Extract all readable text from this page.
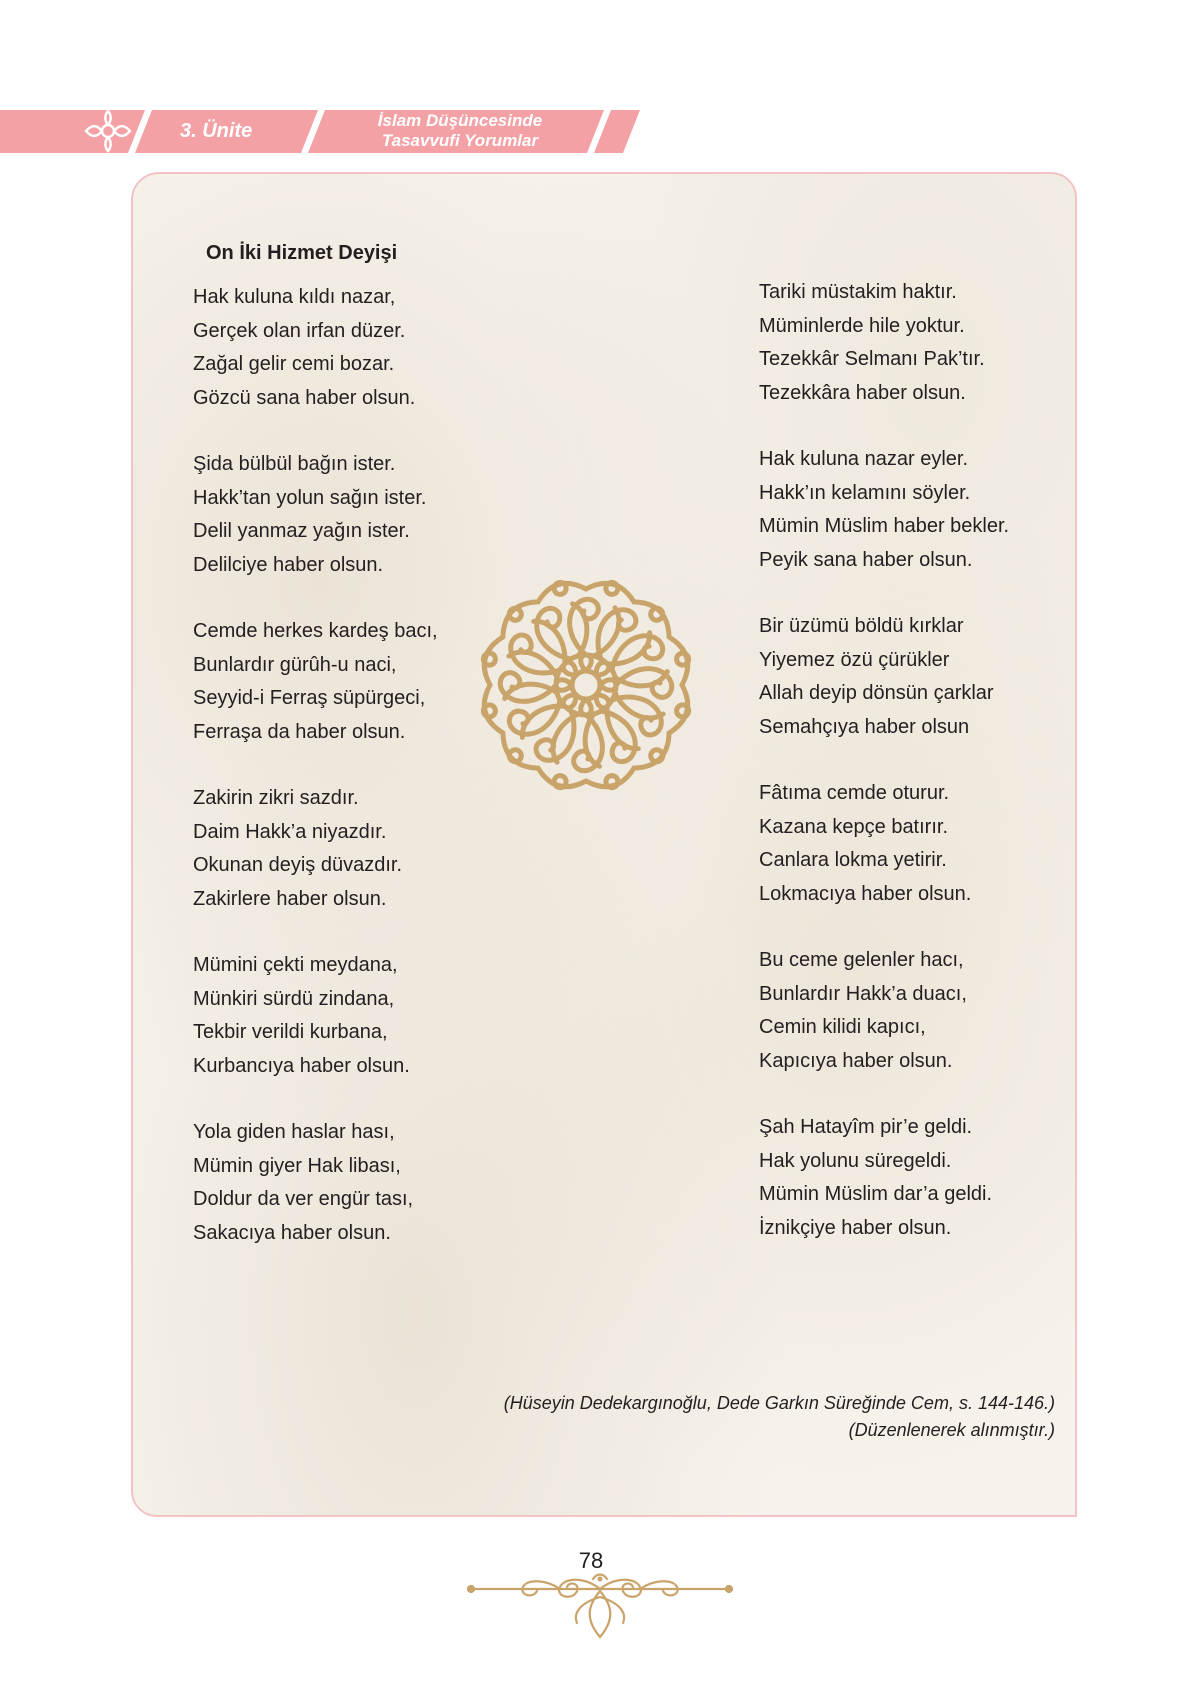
3. Ünite	İslam Düşüncesinde
Tasavvufi Yorumlar
On İki Hizmet Deyişi
Hak kuluna kıldı nazar,
Gerçek olan irfan düzer.
Zağal gelir cemi bozar.
Gözcü sana haber olsun.
Şida bülbül bağın ister.
Hakk’tan yolun sağın ister.
Delil yanmaz yağın ister.
Delilciye haber olsun.
Cemde herkes kardeş bacı,
Bunlardır gürûh-u naci,
Seyyid-i Ferraş süpürgeci,
Ferraşa da haber olsun.
Zakirin zikri sazdır.
Daim Hakk’a niyazdır.
Okunan deyiş düvazdır.
Zakirlere haber olsun.
Mümini çekti meydana,
Münkiri sürdü zindana,
Tekbir verildi kurbana,
Kurbancıya haber olsun.
Yola giden haslar hası,
Mümin giyer Hak libası,
Doldur da ver engür tası,
Sakacıya haber olsun.
Tariki müstakim haktır.
Müminlerde hile yoktur.
Tezekkâr Selmanı Pak’tır.
Tezekkâra haber olsun.
Hak kuluna nazar eyler.
Hakk’ın kelamını söyler.
Mümin Müslim haber bekler.
Peyik sana haber olsun.
Bir üzümü böldü kırklar
Yiyemez özü çürükler
Allah deyip dönsün çarklar
Semahçıya haber olsun
Fâtıma cemde oturur.
Kazana kepçe batırır.
Canlara lokma yetirir.
Lokmacıya haber olsun.
Bu ceme gelenler hacı,
Bunlardır Hakk’a duacı,
Cemin kilidi kapıcı,
Kapıcıya haber olsun.
Şah Hatayîm pir’e geldi.
Hak yolunu süregeldi.
Mümin Müslim dar’a geldi.
İznikçiye haber olsun.
(Hüseyin Dedekargınoğlu, Dede Garkın Süreğinde Cem, s. 144-146.)
(Düzenlenerek alınmıştır.)
78
